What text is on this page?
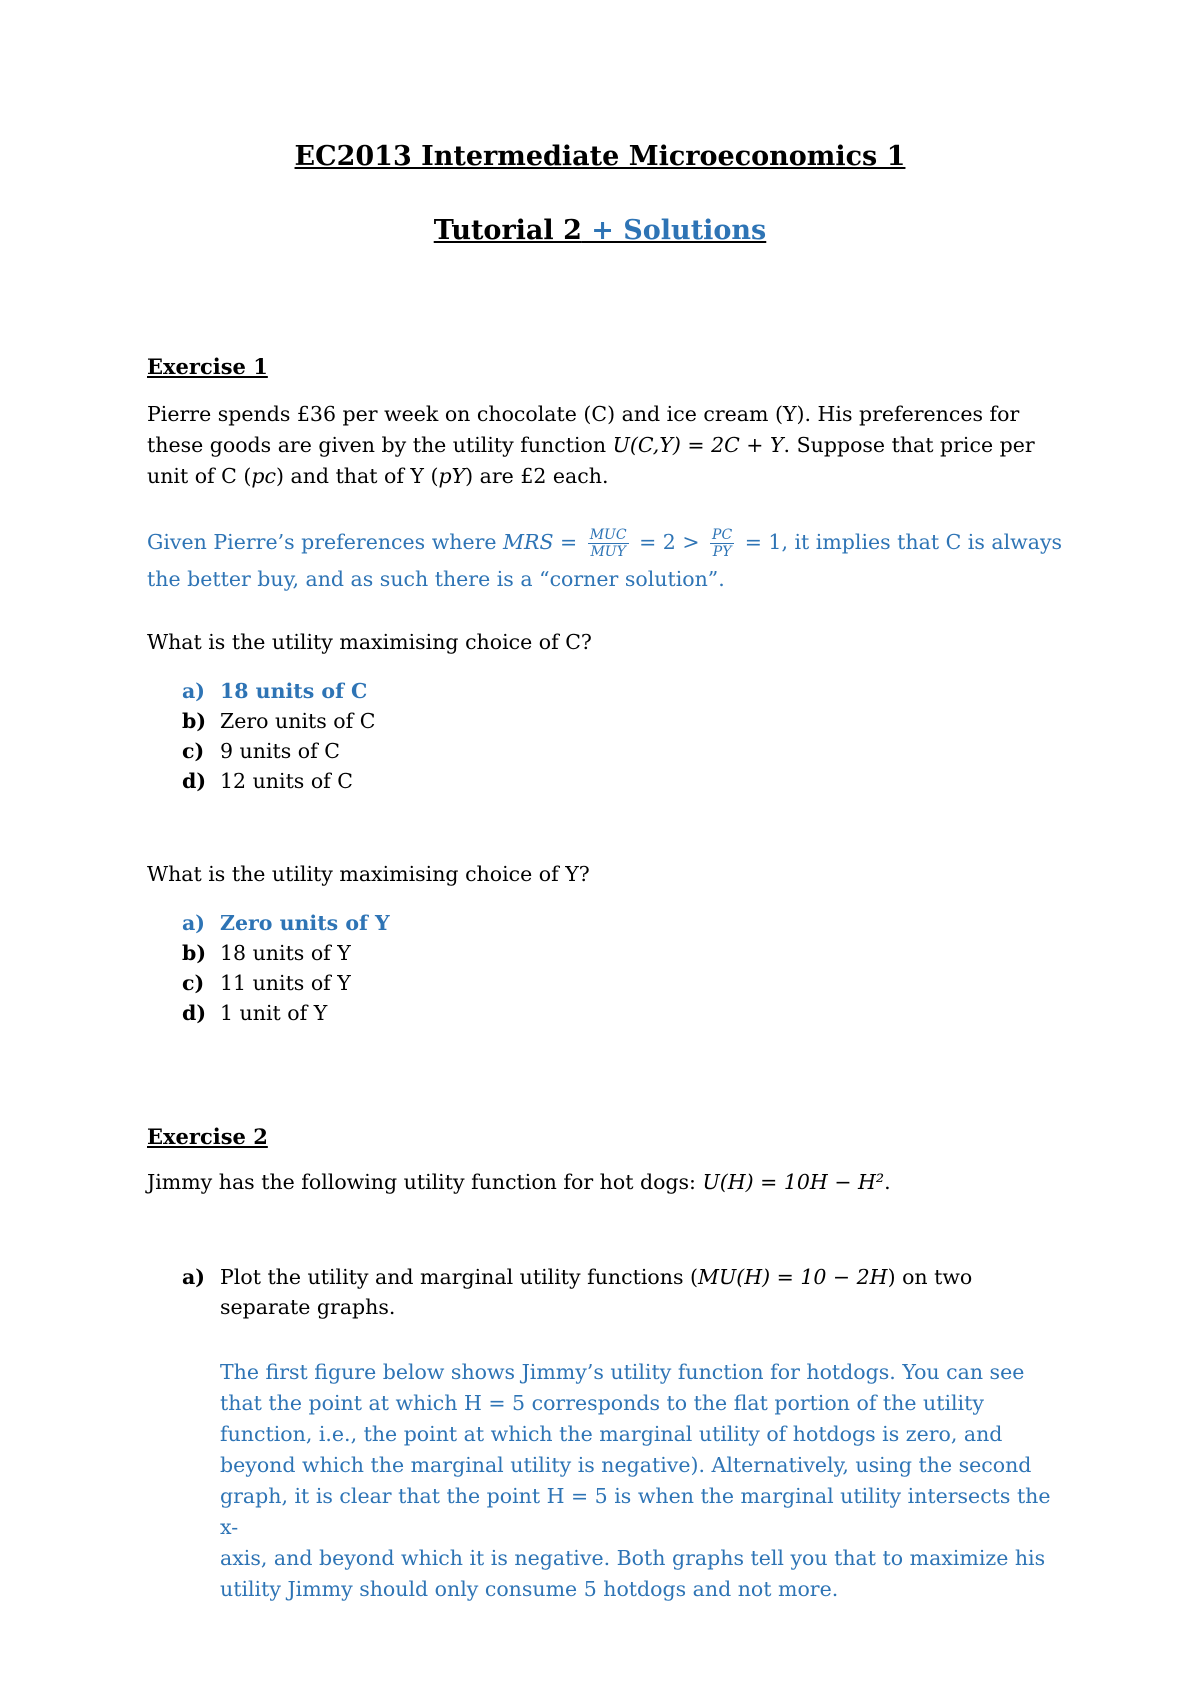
EC2013 Intermediate Microeconomics 1
Tutorial 2 + Solutions
Exercise 1
Pierre spends £36 per week on chocolate (C) and ice cream (Y). His preferences for
these goods are given by the utility function U(C,Y) = 2C + Y. Suppose that price per
unit of C (pc) and that of Y (pY) are £2 each.
Given Pierre’s preferences where MRS = $\frac{\text{MUC}}{\text{MUY}} = 2 > \frac{PC}{PY} = 1$, it implies that C is always
the better buy, and as such there is a “corner solution”.
What is the utility maximising choice of C?
a) 18 units of C
b) Zero units of C
c) 9 units of C
d) 12 units of C
What is the utility maximising choice of Y?
a) Zero units of Y
b) 18 units of Y
c) 11 units of Y
d) 1 unit of Y
Exercise 2
Jimmy has the following utility function for hot dogs: U(H) = 10H − H².
a) Plot the utility and marginal utility functions (MU(H) = 10 − 2H) on two
separate graphs.
The first figure below shows Jimmy’s utility function for hotdogs. You can see
that the point at which H = 5 corresponds to the flat portion of the utility
function, i.e., the point at which the marginal utility of hotdogs is zero, and
beyond which the marginal utility is negative). Alternatively, using the second
graph, it is clear that the point H = 5 is when the marginal utility intersects the x-
axis, and beyond which it is negative. Both graphs tell you that to maximize his
utility Jimmy should only consume 5 hotdogs and not more.
